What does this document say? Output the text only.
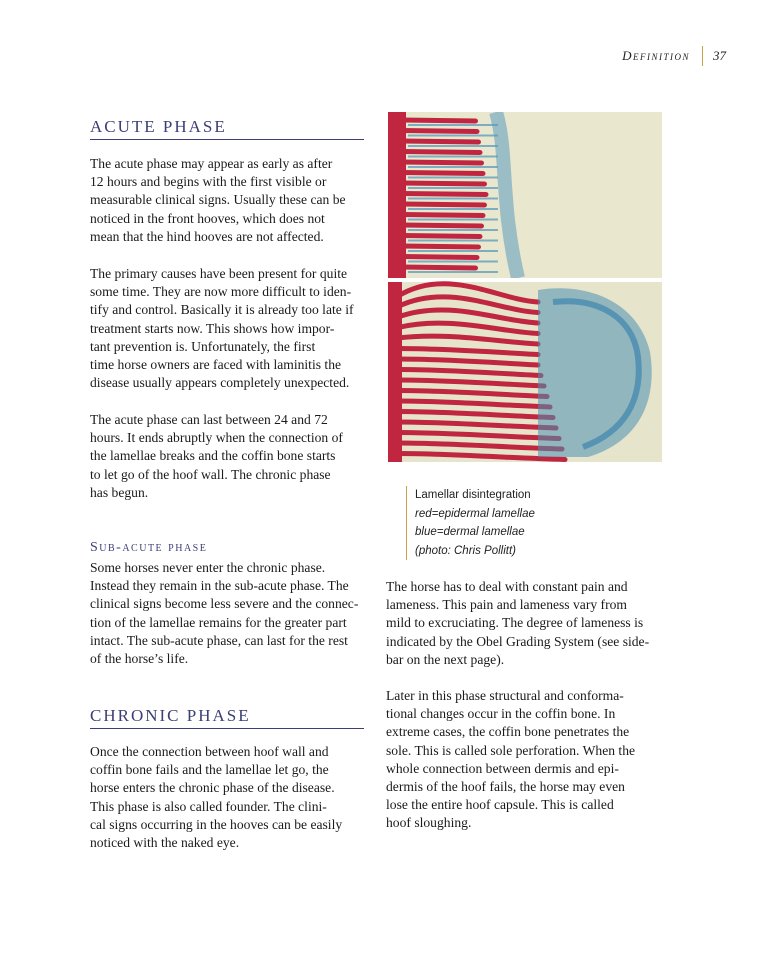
Definition 37
ACUTE PHASE

The acute phase may appear as early as after
12 hours and begins with the first visible or
measurable clinical signs. Usually these can be
noticed in the front hooves, which does not
mean that the hind hooves are not affected.

The primary causes have been present for quite
some time. They are now more difficult to iden-
tify and control. Basically it is already too late if
treatment starts now. This shows how impor-
tant prevention is. Unfortunately, the first
time horse owners are faced with laminitis the
disease usually appears completely unexpected.

The acute phase can last between 24 and 72
hours. It ends abruptly when the connection of
the lamellae breaks and the coffin bone starts
to let go of the hoof wall. The chronic phase
has begun.

Sub-acute phase

Some horses never enter the chronic phase.
Instead they remain in the sub-acute phase. The
clinical signs become less severe and the connec-
tion of the lamellae remains for the greater part
intact. The sub-acute phase, can last for the rest
of the horse’s life.

CHRONIC PHASE

Once the connection between hoof wall and
coffin bone fails and the lamellae let go, the
horse enters the chronic phase of the disease.
This phase is also called founder. The clini-
cal signs occurring in the hooves can be easily
noticed with the naked eye.

Lamellar disintegration
red=epidermal lamellae
blue=dermal lamellae
(photo: Chris Pollitt)

The horse has to deal with constant pain and
lameness. This pain and lameness vary from
mild to excruciating. The degree of lameness is
indicated by the Obel Grading System (see side-
bar on the next page).

Later in this phase structural and conforma-
tional changes occur in the coffin bone. In
extreme cases, the coffin bone penetrates the
sole. This is called sole perforation. When the
whole connection between dermis and epi-
dermis of the hoof fails, the horse may even
lose the entire hoof capsule. This is called
hoof sloughing.
